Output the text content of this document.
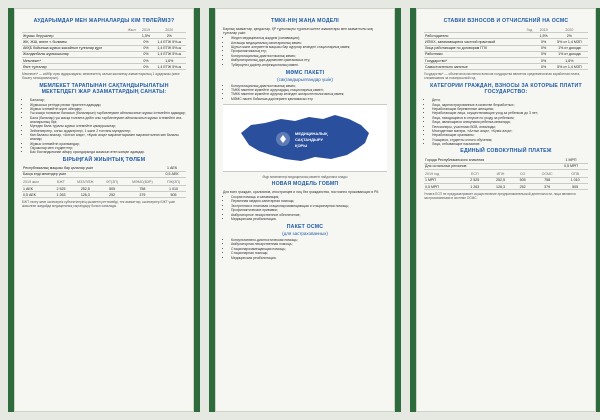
АУДАРЫМДАР МЕН ЖАРНАЛАРДЫ КІМ ТӨЛЕЙМІЗ?
	Жыл	2019	2020
Жұмыс берушілер		1,5%	2%
ЖК, ЖШ, өнеге т. болмағы		0%	1,4 ЕТЖ 5%-ы
АКҚБ бойынша жұмыс жасайтын тұлғалар құрл		0%	1,4 ЕТЖ 5%-ы
Жалданбалы жұмысшылар		0%	1,4 ЕТЖ 5%-ы
Мемлекет*		0%	1,6%
Өзге тұлғалар		0%	1,4 ЕТЖ 5%-ы
Мемлекет* — кейбір ерек аударымдағы; мемлекеттің салым жыланнау азаматтарының 1 аударымы (жеке босату тапсырмаларын).
МЕМЛЕКЕТ ТАРАПЫНАН САҚТАНДЫРЫЛАТЫН МЕКТЕПДЕГІ ЖАР АЗАМАТТАРДЫҢ САНАТЫ:
• Балалар;
• Жұмыссыз ретінде ресми тіркелген адамдар;
• Жұмыс істемейтін жүкті әйелдер;
• Үш жасқа толмаған баласын (балаларын) тәрбиелеумен айналысатын жұмыс істемейтін адамдар;
• Бала (балалар) үш жасқа толғанға дейін оны тәрбиелеумен айналысатын жұмыс істемейтін ата-аналарының бірі;
• Мүгедек бала туралы жұмыс істемейтін қамқоршылар;
• Зейнеткерлер, соғыс ардагерлері, 1 және 2 топтағы мүгедектер;
• Көп балалы аналар, «Алтын алқа», «Күміс алқа» марапаттарымен марапатталған көп балалы аналар;
• Жұмыс істемейтін оралмандар;
• Оқушылар мен студенттер;
• Бас бостандығынан айыру орындарында жазасын өтеп жатқан адамдар.
БІРЫҢҒАЙ ЖИЫНТЫҚ ТӨЛЕМ
Республикалық маңызы бар қалалар үшін	1 АЕК
Басқа елді мекендер үшін	0,5 АЕК
2019 жыл	БЖТ	МЗЗ/ЗПЖ	ӘТ(ЗП)	МӘМС(ВЗР)	ПЖ(ЗП)
1 АЕК	2 525	252,5	505	758	1 010
0,5 АЕК	1 263	126,3	252	379	505
БЖТ төлеу жеке кәсіпкерлік субъектілерінің қызметін реттемейді, тек азаматтар, кәсіпкерлер БЖТ үшін жазылған жағдайда медициналық сақтандыру болып саналады.
ТМКК-НІҢ ЖАҢА МОДЕЛІ
Барлық азаматтар, қандастар, ҚР тұрғылықты тұратын шетел азаматтары мен азаматтығы жоқ тұлғалар үшін:
• Жедел медициналық жәрдем (санавиация);
• Алғашқы медициналық-санитариялық көмек;
• Шұғыл және әлеуметтік маңызы бар аурулар кезіндегі стационарлық көмек;
• Профилактикалық егу;
• Консультациялық-диагностикалық көмек;
• Амбулаториялық дәрі-дәрмекпен қамтамасыз ету;
• Туберкулез дәрігер-инфекционалық көмегі.
МӘМС ПАКЕТІ
(сақтандырылғандар үшін)
• Консультациялық-диагностикалық көмек;
• ТМКК пакетіне кірмейтін аурулардың стационарлық көмегі;
• ТМКК пакетіне кірмейтін аурулар кезіндегі жоғарытехнологиялық көмек;
• МӘМС пакеті бойынша дәрілермен қамтамасыз ету.
МЕДИЦИНАЛЫҚ
САҚТАНДЫРУ
ҚОРЫ
Өңір мекемелері медициналық көмегін пайдалана алады
НОВАЯ МОДЕЛЬ ГОБМП
Для всех граждан, оралманов, иностранцев и лиц без гражданства, постоянно проживающих в РК:
• Скорая помощь и санавиация;
• Первичная медико-санитарная помощь;
• Экстренная и плановая стационарозамещающая и стационарная помощь;
• Профилактические прививки;
• Амбулаторное лекарственное обеспечение;
• Медицинская реабилитация.
ПАКЕТ ОСМС
(для застрахованных)
• Консультативно-диагностическая помощь;
• Амбулаторная лекарственная помощь;
• Стационарозамещающая помощь;
• Стационарная помощь;
• Медицинская реабилитация.
СТАВКИ ВЗНОСОВ И ОТЧИСЛЕНИЙ НА ОСМС
	Год	2019	2020
Работодатели		1,5%	2%
ИП/КХ, занимающиеся частной практикой		0%	5% от 1,4 МЗП
Лица работающие по договорам ГПХ		0%	1% от дохода
Работники		0%	1% от дохода
Государство*		0%	1,6%
Самостоятельно занятые		0%	5% от 1,4 МЗП
Государство* — объектом исчисления взносов государства является среднемесячная заработная плата, сложившаяся за позапрошлый год.
КАТЕГОРИИ ГРАЖДАН, ВЗНОСЫ ЗА КОТОРЫЕ ПЛАТИТ ГОСУДАРСТВО:
• Дети;
• Лица, зарегистрированные в качестве безработных;
• Неработающие беременные женщины;
• Неработающие лица, осуществляющие уход за ребенком до 3 лет;
• Лица, находящиеся в отпуске по уходу за ребенком;
• Лица, являющиеся опекунами ребенка-инвалида;
• Пенсионеры, участники ВОВ, инвалиды;
• Многодетные матери, «Алтын алқа», «Күміс алқа»;
• Неработающие оралманы;
• Учащиеся, студенты очного обучения;
• Лица, отбывающие наказание.
ЕДИНЫЙ СОВОКУПНЫЙ ПЛАТЕЖ
Города Республиканского значения	1 МРП
Для остальных регионов	0,5 МРП
2019 год	ЕСП	ИПН	СО	ОСМС	ОПВ
1 МРП	2 525	252,5	505	758	1 010
0,5 МРП	1 263	126,3	252	379	505
Уплата ЕСП не предусматривает осуществление предпринимательской деятельности, лица являются застрахованными в системе ОСМС.
